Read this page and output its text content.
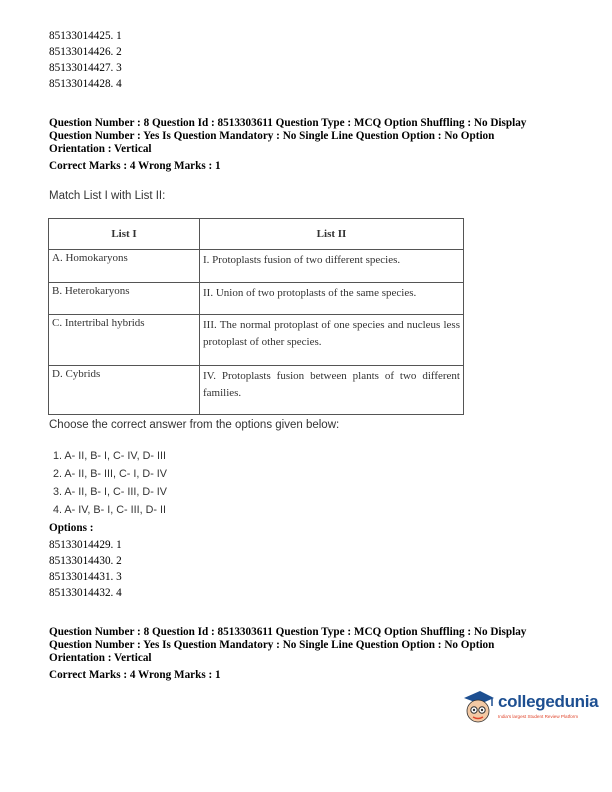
85133014425. 1
85133014426. 2
85133014427. 3
85133014428. 4
Question Number : 8 Question Id : 8513303611 Question Type : MCQ Option Shuffling : No Display
Question Number : Yes Is Question Mandatory : No Single Line Question Option : No Option
Orientation : Vertical
Correct Marks : 4 Wrong Marks : 1
Match List I with List II:
List I	List II
A. Homokaryons	I. Protoplasts fusion of two different species.
B. Heterokaryons	II. Union of two protoplasts of the same species.
C. Intertribal hybrids	III. The normal protoplast of one species and nucleus less protoplast of other species.
D. Cybrids	IV. Protoplasts fusion between plants of two different families.
Choose the correct answer from the options given below:
1. A- II, B- I, C- IV, D- III
2. A- II, B- III, C- I, D- IV
3. A- II, B- I, C- III, D- IV
4. A- IV, B- I, C- III, D- II
Options :
85133014429. 1
85133014430. 2
85133014431. 3
85133014432. 4
Question Number : 8 Question Id : 8513303611 Question Type : MCQ Option Shuffling : No Display
Question Number : Yes Is Question Mandatory : No Single Line Question Option : No Option
Orientation : Vertical
Correct Marks : 4 Wrong Marks : 1
collegedunia
India's largest Student Review Platform
